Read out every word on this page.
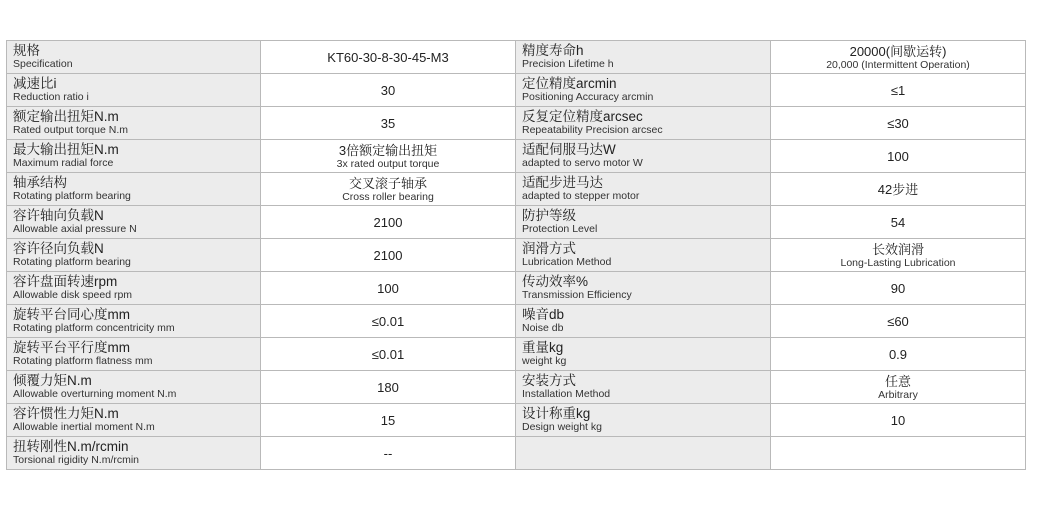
规格
Specification	KT60-30-8-30-45-M3	精度寿命h
Precision Lifetime h	20000(间歇运转)
20,000 (Intermittent Operation)

减速比i
Reduction ratio i	30	定位精度arcmin
Positioning Accuracy arcmin	≤1

额定输出扭矩N.m
Rated output torque N.m	35	反复定位精度arcsec
Repeatability Precision arcsec	≤30

最大输出扭矩N.m
Maximum radial force	3倍额定输出扭矩
3x rated output torque	适配伺服马达W
adapted to servo motor W	100

轴承结构
Rotating platform bearing	交叉滚子轴承
Cross roller bearing	适配步进马达
adapted to stepper motor	42步进

容许轴向负载N
Allowable axial pressure N	2100	防护等级
Protection Level	54

容许径向负载N
Rotating platform bearing	2100	润滑方式
Lubrication Method	长效润滑
Long-Lasting Lubrication

容许盘面转速rpm
Allowable disk speed rpm	100	传动效率%
Transmission Efficiency	90

旋转平台同心度mm
Rotating platform concentricity mm	≤0.01	噪音db
Noise db	≤60

旋转平台平行度mm
Rotating platform flatness mm	≤0.01	重量kg
weight kg	0.9

倾覆力矩N.m
Allowable overturning moment N.m	180	安装方式
Installation Method	任意
Arbitrary

容许惯性力矩N.m
Allowable inertial moment N.m	15	设计称重kg
Design weight kg	10

扭转刚性N.m/rcmin
Torsional rigidity N.m/rcmin	--		
